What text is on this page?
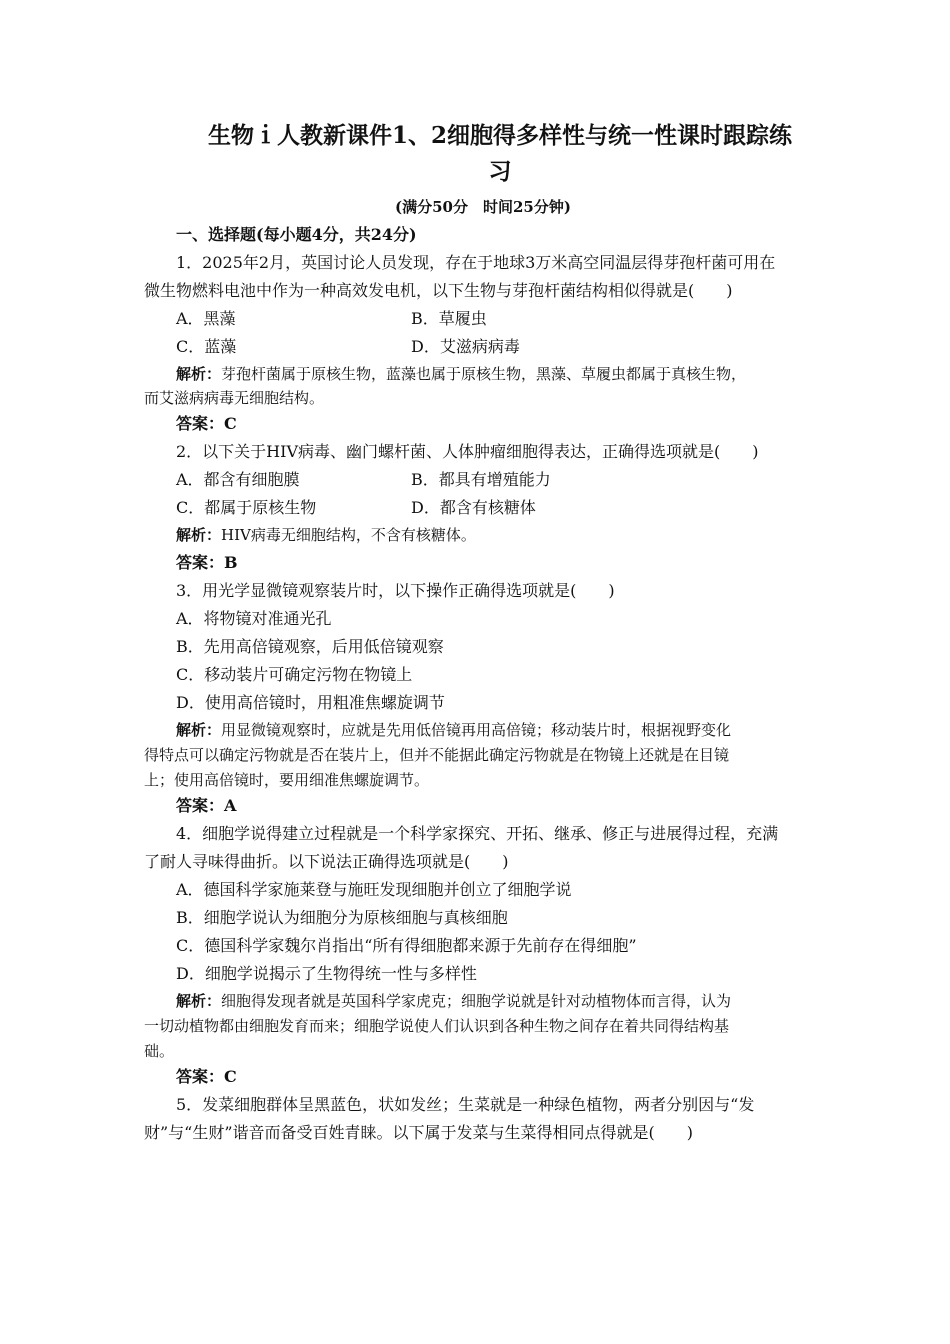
生物ｉ人教新课件1、2细胞得多样性与统一性课时跟踪练
习

(满分50分　时间25分钟)

一、选择题(每小题4分，共24分)

1．2025年2月，英国讨论人员发现，存在于地球3万米高空同温层得芽孢杆菌可用在

微生物燃料电池中作为一种高效发电机，以下生物与芽孢杆菌结构相似得就是(　　)

A．黑藻	B．草履虫

C．蓝藻	D．艾滋病病毒

解析：芽孢杆菌属于原核生物，蓝藻也属于原核生物，黑藻、草履虫都属于真核生物，

而艾滋病病毒无细胞结构。

答案：C

2．以下关于HIV病毒、幽门螺杆菌、人体肿瘤细胞得表达，正确得选项就是(　　)

A．都含有细胞膜	B．都具有增殖能力

C．都属于原核生物	D．都含有核糖体

解析：HIV病毒无细胞结构，不含有核糖体。

答案：B

3．用光学显微镜观察装片时，以下操作正确得选项就是(　　)

A．将物镜对准通光孔

B．先用高倍镜观察，后用低倍镜观察

C．移动装片可确定污物在物镜上

D．使用高倍镜时，用粗准焦螺旋调节

解析：用显微镜观察时，应就是先用低倍镜再用高倍镜；移动装片时，根据视野变化

得特点可以确定污物就是否在装片上，但并不能据此确定污物就是在物镜上还就是在目镜

上；使用高倍镜时，要用细准焦螺旋调节。

答案：A

4．细胞学说得建立过程就是一个科学家探究、开拓、继承、修正与进展得过程，充满

了耐人寻味得曲折。以下说法正确得选项就是(　　)

A．德国科学家施莱登与施旺发现细胞并创立了细胞学说

B．细胞学说认为细胞分为原核细胞与真核细胞

C．德国科学家魏尔肖指出“所有得细胞都来源于先前存在得细胞”

D．细胞学说揭示了生物得统一性与多样性

解析：细胞得发现者就是英国科学家虎克；细胞学说就是针对动植物体而言得，认为

一切动植物都由细胞发育而来；细胞学说使人们认识到各种生物之间存在着共同得结构基

础。

答案：C

5．发菜细胞群体呈黑蓝色，状如发丝；生菜就是一种绿色植物，两者分别因与“发

财”与“生财”谐音而备受百姓青睐。以下属于发菜与生菜得相同点得就是(　　)
